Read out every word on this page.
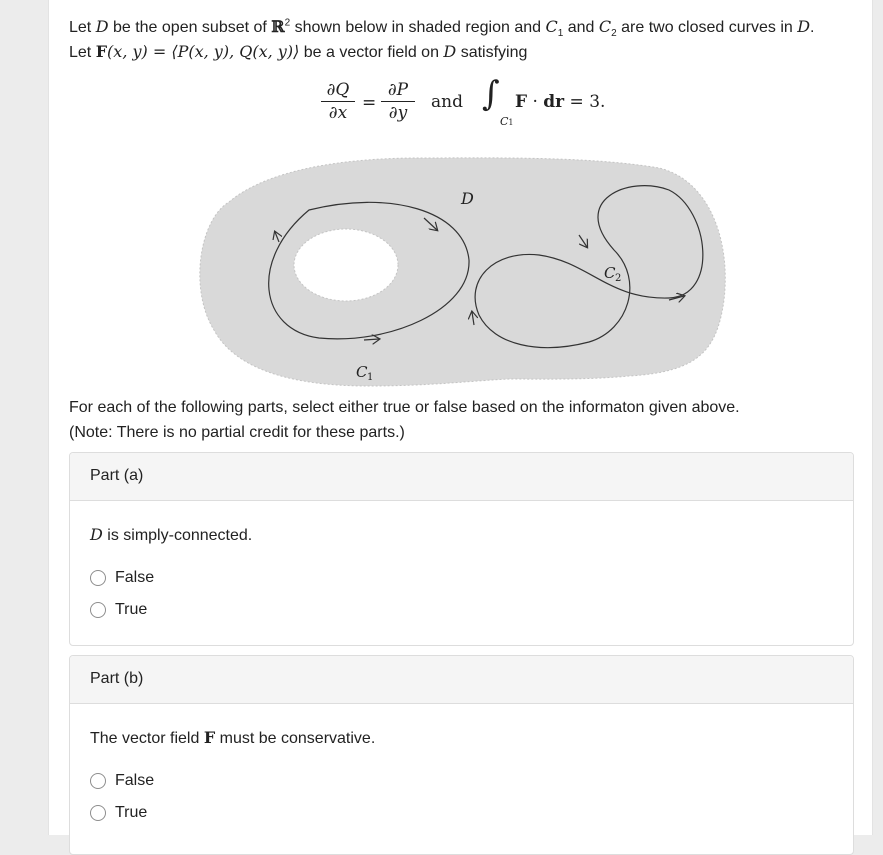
Let D be the open subset of ℝ$^2$ shown below in shaded region and $C_1$ and $C_2$ are two closed curves in D.
Let F(x, y) = ⟨P(x, y), Q(x, y)⟩ be a vector field on D satisfying
$\frac{\partial Q}{\partial x} = \frac{\partial P}{\partial y}$ and ∫
C1
F · dr = 3.
D
C 2
C 1
For each of the following parts, select either true or false based on the informaton given above.
(Note: There is no partial credit for these parts.)
Part (a)
D is simply-connected.
False
True
Part (b)
The vector field F must be conservative.
False
True
